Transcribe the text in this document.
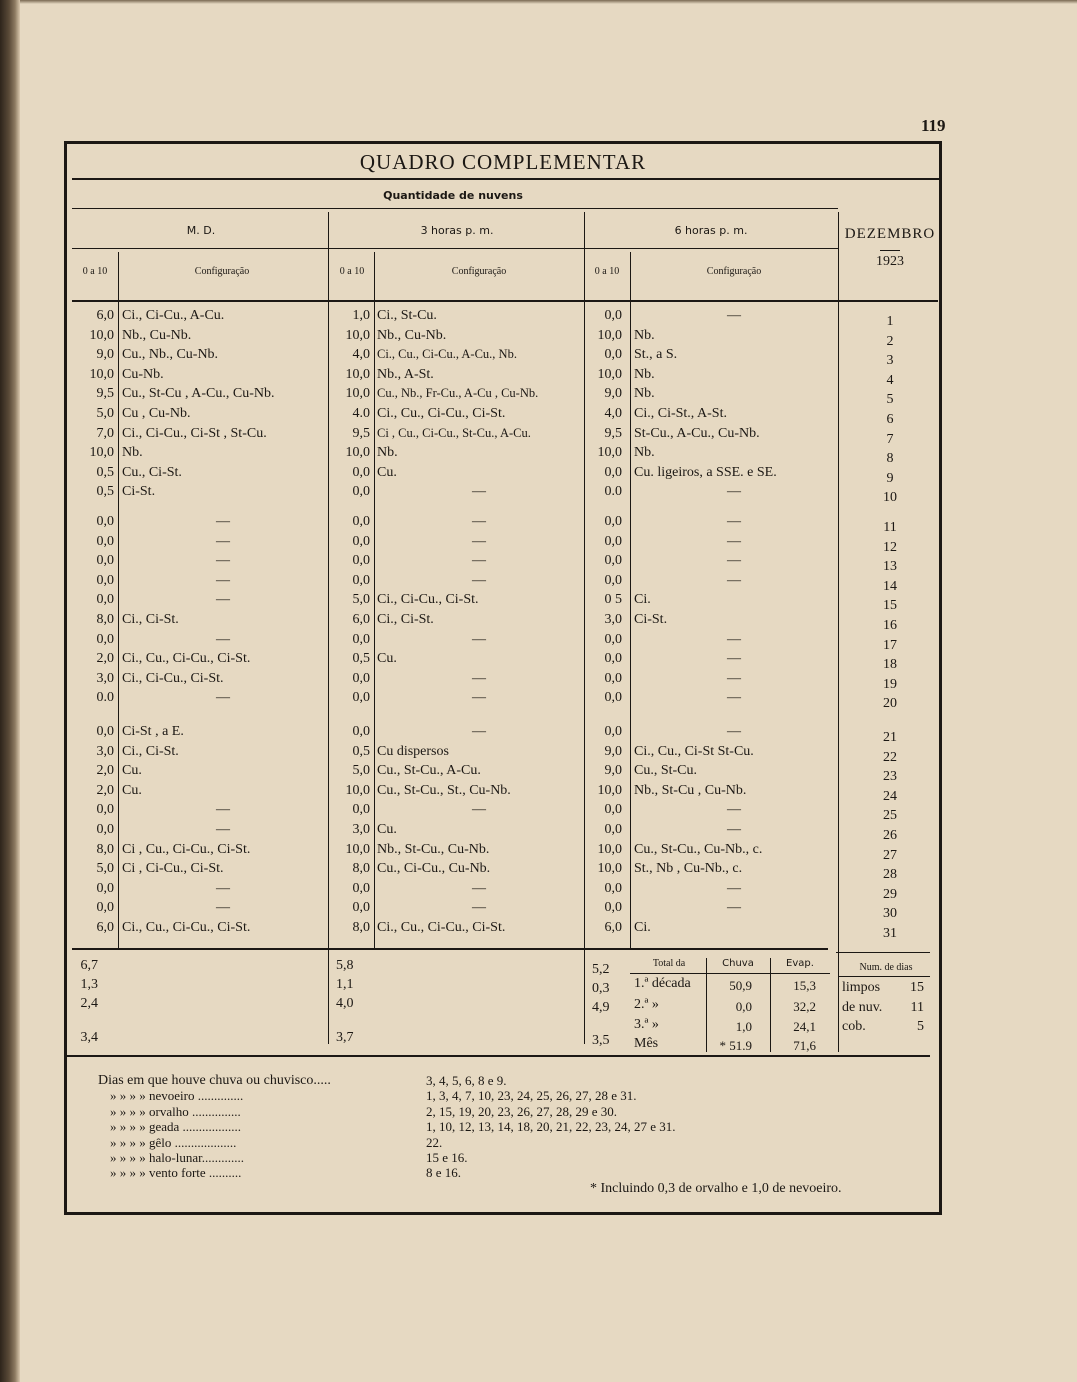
119
QUADRO COMPLEMENTAR
Quantidade de nuvens
M. D.	3 horas p. m.	6 horas p. m.	DEZEMBRO
1923
0 a 10	Configuração	0 a 10	Configuração	0 a 10	Configuração
6,0 Ci., Ci-Cu., A-Cu.	1,0 Ci., St-Cu.	0,0	—	1
10,0 Nb., Cu-Nb.	10,0 Nb., Cu-Nb.	10,0 Nb.	2
9,0 Cu., Nb., Cu-Nb.	4,0 Ci., Cu., Ci-Cu., A-Cu., Nb.	0,0 St., a S.	3
10,0 Cu-Nb.	10,0 Nb., A-St.	10,0 Nb.	4
9,5 Cu., St-Cu , A-Cu., Cu-Nb.	10,0 Cu., Nb., Fr-Cu., A-Cu , Cu-Nb.	9,0 Nb.	5
5,0 Cu , Cu-Nb.	4.0 Ci., Cu., Ci-Cu., Ci-St.	4,0 Ci., Ci-St., A-St.	6
7,0 Ci., Ci-Cu., Ci-St , St-Cu.	9,5 Ci , Cu., Ci-Cu., St-Cu., A-Cu.	9,5 St-Cu., A-Cu., Cu-Nb.	7
10,0 Nb.	10,0 Nb.	10,0 Nb.	8
0,5 Cu., Ci-St.	0,0 Cu.	0,0 Cu. ligeiros, a SSE. e SE.	9
0,5 Ci-St.	0,0	—	0.0	—	10
0,0	—	0,0	—	0,0	—	11
0,0	—	0,0	—	0,0	—	12
0,0	—	0,0	—	0,0	—	13
0,0	—	0,0	—	0,0	—	14
0,0	—	5,0 Ci., Ci-Cu., Ci-St.	0 5 Ci.	15
8,0 Ci., Ci-St.	6,0 Ci., Ci-St.	3,0 Ci-St.	16
0,0	—	0,0	—	0,0	—	17
2,0 Ci., Cu., Ci-Cu., Ci-St.	0,5 Cu.	0,0	—	18
3,0 Ci., Ci-Cu., Ci-St.	0,0	—	0,0	—	19
0.0	—	0,0	—	0,0	—	20
0,0 Ci-St , a E.	0,0	—	0,0	—	21
3,0 Ci., Ci-St.	0,5 Cu dispersos	9,0 Ci., Cu., Ci-St St-Cu.	22
2,0 Cu.	5,0 Cu., St-Cu., A-Cu.	9,0 Cu., St-Cu.	23
2,0 Cu.	10,0 Cu., St-Cu., St., Cu-Nb.	10,0 Nb., St-Cu , Cu-Nb.	24
0,0	—	0,0	—	0,0	—	25
0,0	—	3,0 Cu.	0,0	—	26
8,0 Ci , Cu., Ci-Cu., Ci-St.	10,0 Nb., St-Cu., Cu-Nb.	10,0 Cu., St-Cu., Cu-Nb., c.	27
5,0 Ci , Ci-Cu., Ci-St.	8,0 Cu., Ci-Cu., Cu-Nb.	10,0 St., Nb , Cu-Nb., c.	28
0,0	—	0,0	—	0,0	—	29
0,0	—	0,0	—	0,0	—	30
6,0 Ci., Cu., Ci-Cu., Ci-St.	8,0 Ci., Cu., Ci-Cu., Ci-St.	6,0 Ci.	31
6,7	5,8	5,2
1,3	1,1	0,3
2,4	4,0	4,9
3,4	3,7	3,5
Total da	Chuva	Evap.
1.ª década	50,9	15,3
2.ª »	0,0	32,2
3.ª »	1,0	24,1
Mês	* 51.9	71,6
Num. de dias
limpos	15
de nuv.	11
cob.	5
Dias em que houve chuva ou chuvisco.....	3, 4, 5, 6, 8 e 9.
» » » » nevoeiro ..............	1, 3, 4, 7, 10, 23, 24, 25, 26, 27, 28 e 31.
» » » » orvalho ...............	2, 15, 19, 20, 23, 26, 27, 28, 29 e 30.
» » » » geada ..................	1, 10, 12, 13, 14, 18, 20, 21, 22, 23, 24, 27 e 31.
» » » » gêlo ...................	22.
» » » » halo-lunar.............	15 e 16.
» » » » vento forte ..........	8 e 16.
* Incluindo 0,3 de orvalho e 1,0 de nevoeiro.
